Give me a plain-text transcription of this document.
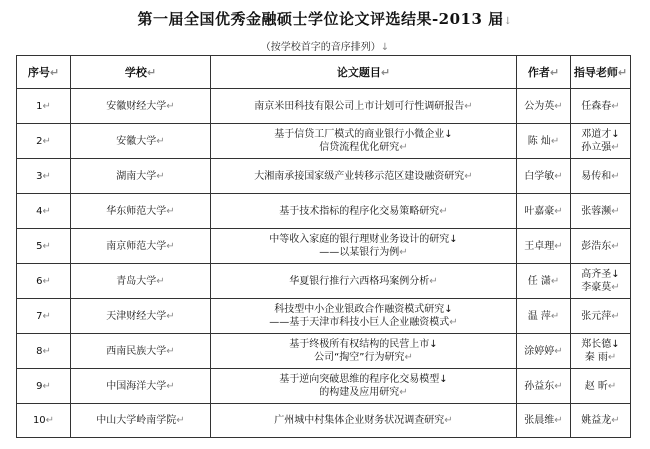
第一届全国优秀金融硕士学位论文评选结果-2013 届↓
（按学校首字的音序排列）↓
序号↵	学校↵	论文题目↵	作者↵	指导老师↵

1↵	安徽财经大学↵	南京米田科技有限公司上市计划可行性调研报告↵	公为英↵	任森春↵

2↵	安徽大学↵	基于信贷工厂模式的商业银行小微企业↓
信贷流程优化研究↵	陈 灿↵	邓道才↓
孙立强↵

3↵	湖南大学↵	大湘南承接国家级产业转移示范区建设融资研究↵	白学敏↵	易传和↵

4↵	华东师范大学↵	基于技术指标的程序化交易策略研究↵	叶嘉豪↵	张蓉濒↵

5↵	南京师范大学↵	中等收入家庭的银行理财业务设计的研究↓
——以某银行为例↵	王卓理↵	彭浩东↵

6↵	青岛大学↵	华夏银行推行六西格玛案例分析↵	任 潇↵	高齐圣↓
李豪莫↵

7↵	天津财经大学↵	科技型中小企业银政合作融资模式研究↓
——基于天津市科技小巨人企业融资模式↵	温 萍↵	张元萍↵

8↵	西南民族大学↵	基于终极所有权结构的民营上市↓
公司“掏空”行为研究↵	涂婷婷↵	郑长德↓
秦 雨↵

9↵	中国海洋大学↵	基于逆向突破思维的程序化交易模型↓
的构建及应用研究↵	孙益东↵	赵 昕↵

10↵	中山大学岭南学院↵	广州城中村集体企业财务状况调查研究↵	张晨维↵	姚益龙↵
